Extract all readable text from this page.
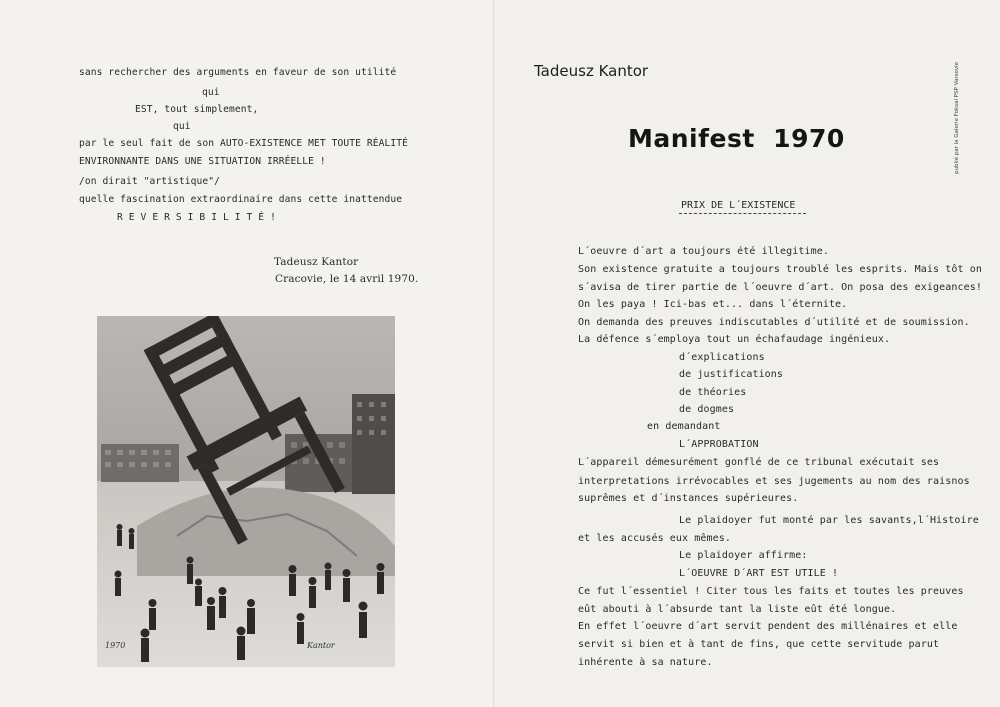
sans rechercher des arguments en faveur de son utilité
qui
EST, tout simplement,
qui
par le seul fait de son AUTO-EXISTENCE MET TOUTE RÉALITÉ
ENVIRONNANTE DANS UNE SITUATION IRRÉELLE !
/on dirait "artistique"/
quelle fascination extraordinaire dans cette inattendue
REVERSIBILITÉ!
Tadeusz Kantor
Cracovie, le 14 avril 1970.
1970	Kantor
Tadeusz Kantor
Manifest  1970
PRIX DE L´EXISTENCE
L´oeuvre d´art a toujours été illegitime.
Son existence gratuite a toujours troublé les esprits. Mais tôt on
s´avisa de tirer partie de l´oeuvre d´art. On posa des exigeances!
On les paya ! Ici-bas et... dans l´éternite.
On demanda des preuves indiscutables d´utilité et de soumission.
La défence s´employa tout un échafaudage ingénieux.
d´explications
de justifications
de théories
de dogmes
en demandant
L´APPROBATION
L´appareil démesurément gonflé de ce tribunal exécutait ses
interpretations irrévocables et ses jugements au nom des raisnos
suprêmes et d´instances supérieures.
Le plaidoyer fut monté par les savants,l´Histoire
et les accusés eux mêmes.
Le plaidoyer affirme:
L´OEUVRE D´ART EST UTILE !
Ce fut l´essentiel ! Citer tous les faits et toutes les preuves
eût abouti à l´absurde tant la liste eût été longue.
En effet l´oeuvre d´art servit pendent des millénaires et elle
servit si bien et à tant de fins, que cette servitude parut
inhérente à sa nature.
publié par la Galerie Foksal PSP Varsovie
